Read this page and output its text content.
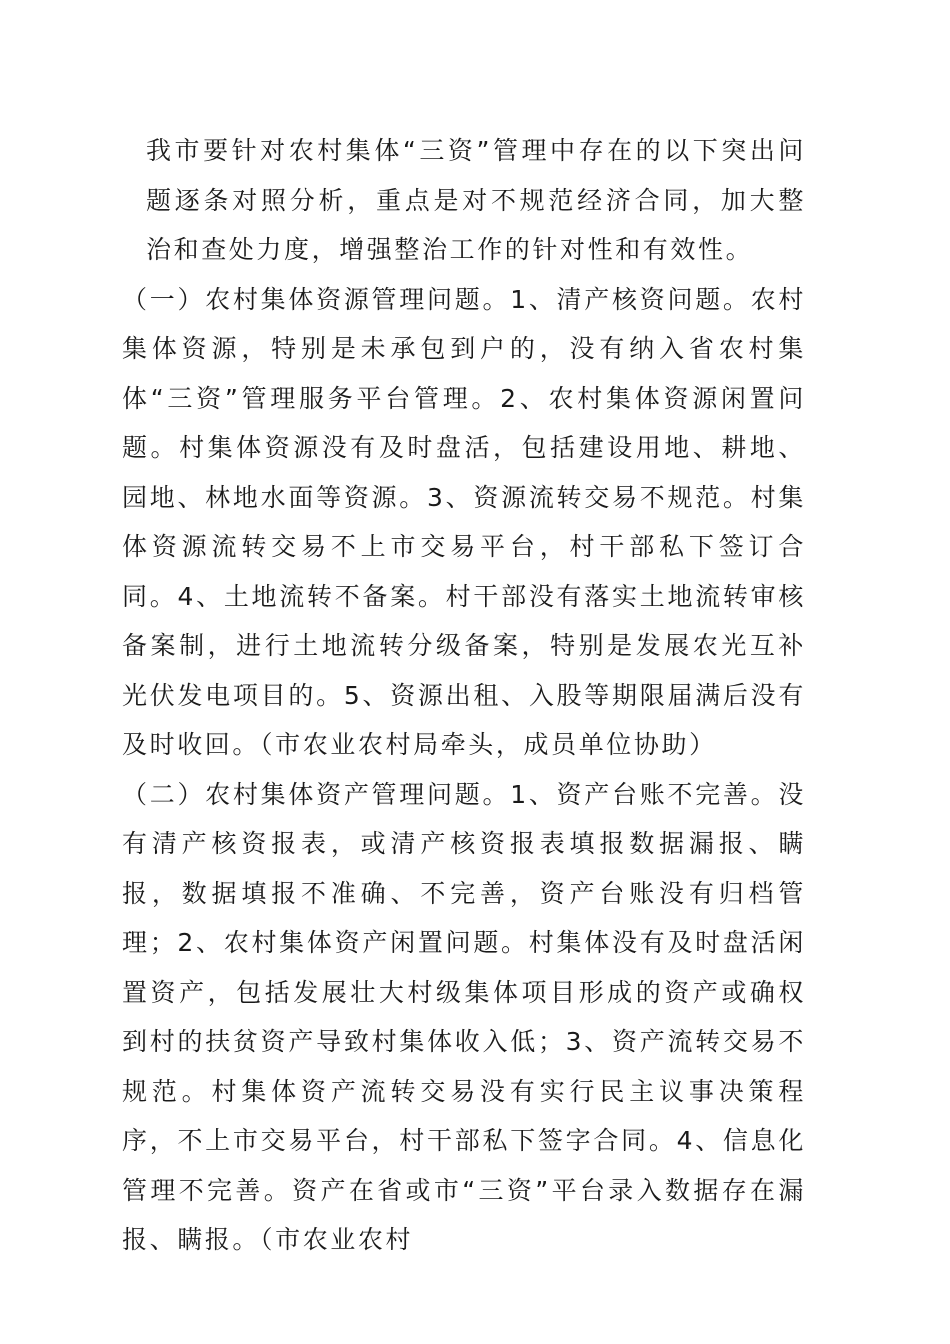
我市要针对农村集体“三资”管理中存在的以下突出问题逐条对照分析，重点是对不规范经济合同，加大整治和查处力度，增强整治工作的针对性和有效性。

（一）农村集体资源管理问题。1、清产核资问题。农村集体资源，特别是未承包到户的，没有纳入省农村集体“三资”管理服务平台管理。2、农村集体资源闲置问题。村集体资源没有及时盘活，包括建设用地、耕地、园地、林地水面等资源。3、资源流转交易不规范。村集体资源流转交易不上市交易平台，村干部私下签订合同。4、土地流转不备案。村干部没有落实土地流转审核备案制，进行土地流转分级备案，特别是发展农光互补光伏发电项目的。5、资源出租、入股等期限届满后没有及时收回。（市农业农村局牵头，成员单位协助）

（二）农村集体资产管理问题。1、资产台账不完善。没有清产核资报表，或清产核资报表填报数据漏报、瞒报，数据填报不准确、不完善，资产台账没有归档管理；2、农村集体资产闲置问题。村集体没有及时盘活闲置资产，包括发展壮大村级集体项目形成的资产或确权到村的扶贫资产导致村集体收入低；3、资产流转交易不规范。村集体资产流转交易没有实行民主议事决策程序，不上市交易平台，村干部私下签字合同。4、信息化管理不完善。资产在省或市“三资”平台录入数据存在漏报、瞒报。（市农业农村
